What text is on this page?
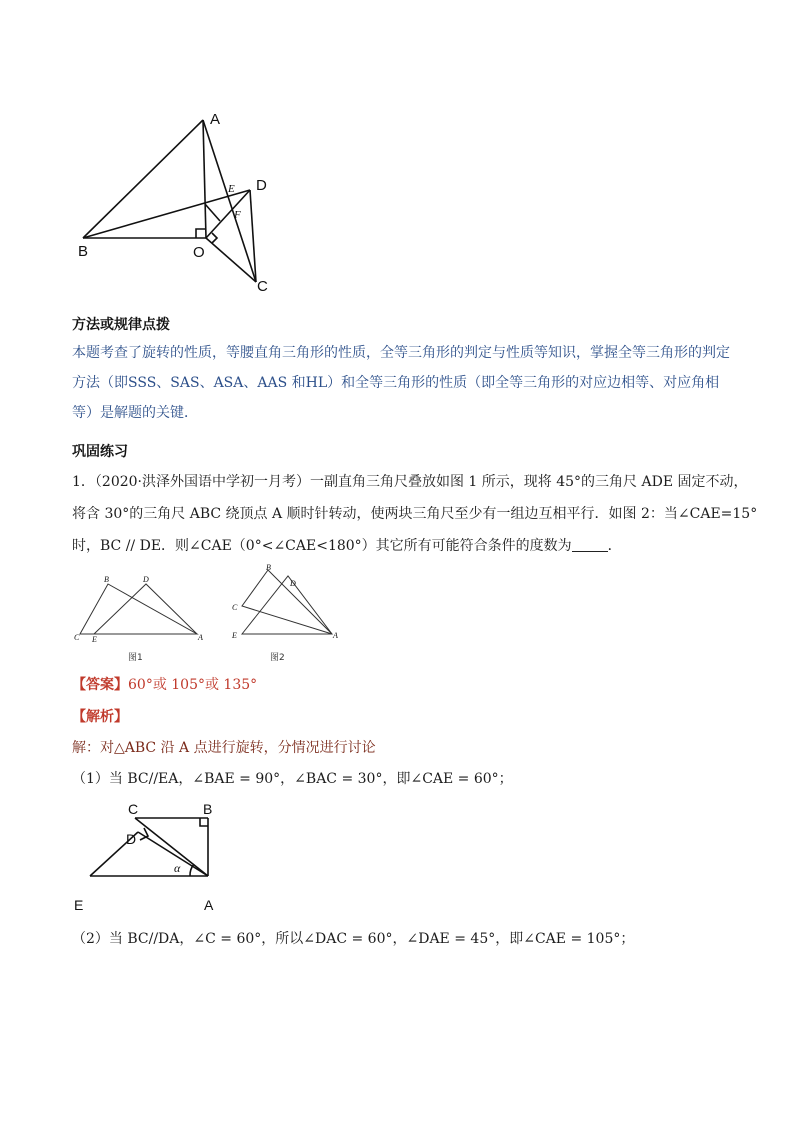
A
B	O
D
C
E
F
方法或规律点拨
本题考查了旋转的性质，等腰直角三角形的性质，全等三角形的判定与性质等知识，掌握全等三角形的判定方法（即SSS、SAS、ASA、AAS 和HL）和全等三角形的性质（即全等三角形的对应边相等、对应角相等）是解题的关键．
巩固练习
1．（2020·洪泽外国语中学初一月考）一副直角三角尺叠放如图 1 所示，现将 45°的三角尺 ADE 固定不动，
将含 30°的三角尺 ABC 绕顶点 A 顺时针转动，使两块三角尺至少有一组边互相平行．如图 2：当∠CAE=15°
时，BC // DE．则∠CAE（0°<∠CAE<180°）其它所有可能符合条件的度数为	．
B	D
C E	A
图1
B
C
D
E	A
图2
【答案】60°或 105°或 135°
【解析】
解：对△ABC 沿 A 点进行旋转，分情况进行讨论
（1）当 BC//EA，∠BAE = 90°，∠BAC = 30°，即∠CAE = 60°；
C	B
D
E	A
α
（2）当 BC//DA，∠C = 60°，所以∠DAC = 60°，∠DAE = 45°，即∠CAE = 105°；
